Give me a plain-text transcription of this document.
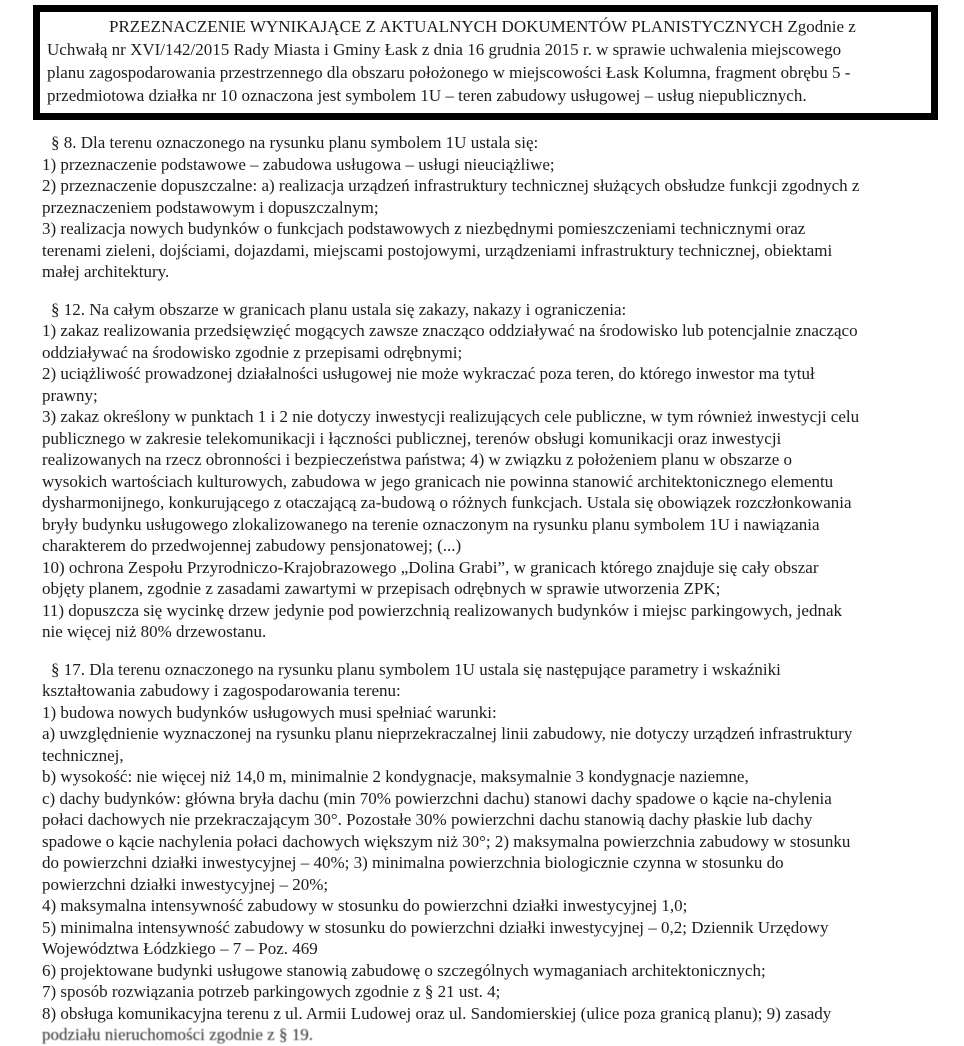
PRZEZNACZENIE WYNIKAJĄCE Z AKTUALNYCH DOKUMENTÓW PLANISTYCZNYCH Zgodnie z
Uchwałą nr XVI/142/2015 Rady Miasta i Gminy Łask z dnia 16 grudnia 2015 r. w sprawie uchwalenia miejscowego
planu zagospodarowania przestrzennego dla obszaru położonego w miejscowości Łask Kolumna, fragment obrębu 5 -
przedmiotowa działka nr 10 oznaczona jest symbolem 1U – teren zabudowy usługowej – usług niepublicznych.
§ 8. Dla terenu oznaczonego na rysunku planu symbolem 1U ustala się:
1) przeznaczenie podstawowe – zabudowa usługowa – usługi nieuciążliwe;
2) przeznaczenie dopuszczalne: a) realizacja urządzeń infrastruktury technicznej służących obsłudze funkcji zgodnych z
przeznaczeniem podstawowym i dopuszczalnym;
3) realizacja nowych budynków o funkcjach podstawowych z niezbędnymi pomieszczeniami technicznymi oraz
terenami zieleni, dojściami, dojazdami, miejscami postojowymi, urządzeniami infrastruktury technicznej, obiektami
małej architektury.
§ 12. Na całym obszarze w granicach planu ustala się zakazy, nakazy i ograniczenia:
1) zakaz realizowania przedsięwzięć mogących zawsze znacząco oddziaływać na środowisko lub potencjalnie znacząco
oddziaływać na środowisko zgodnie z przepisami odrębnymi;
2) uciążliwość prowadzonej działalności usługowej nie może wykraczać poza teren, do którego inwestor ma tytuł
prawny;
3) zakaz określony w punktach 1 i 2 nie dotyczy inwestycji realizujących cele publiczne, w tym również inwestycji celu
publicznego w zakresie telekomunikacji i łączności publicznej, terenów obsługi komunikacji oraz inwestycji
realizowanych na rzecz obronności i bezpieczeństwa państwa; 4) w związku z położeniem planu w obszarze o
wysokich wartościach kulturowych, zabudowa w jego granicach nie powinna stanowić architektonicznego elementu
dysharmonijnego, konkurującego z otaczającą za-budową o różnych funkcjach. Ustala się obowiązek rozczłonkowania
bryły budynku usługowego zlokalizowanego na terenie oznaczonym na rysunku planu symbolem 1U i nawiązania
charakterem do przedwojennej zabudowy pensjonatowej; (...)
10) ochrona Zespołu Przyrodniczo-Krajobrazowego „Dolina Grabi”, w granicach którego znajduje się cały obszar
objęty planem, zgodnie z zasadami zawartymi w przepisach odrębnych w sprawie utworzenia ZPK;
11) dopuszcza się wycinkę drzew jedynie pod powierzchnią realizowanych budynków i miejsc parkingowych, jednak
nie więcej niż 80% drzewostanu.
§ 17. Dla terenu oznaczonego na rysunku planu symbolem 1U ustala się następujące parametry i wskaźniki
kształtowania zabudowy i zagospodarowania terenu:
1) budowa nowych budynków usługowych musi spełniać warunki:
a) uwzględnienie wyznaczonej na rysunku planu nieprzekraczalnej linii zabudowy, nie dotyczy urządzeń infrastruktury
technicznej,
b) wysokość: nie więcej niż 14,0 m, minimalnie 2 kondygnacje, maksymalnie 3 kondygnacje naziemne,
c) dachy budynków: główna bryła dachu (min 70% powierzchni dachu) stanowi dachy spadowe o kącie na-chylenia
połaci dachowych nie przekraczającym 30°. Pozostałe 30% powierzchni dachu stanowią dachy płaskie lub dachy
spadowe o kącie nachylenia połaci dachowych większym niż 30°; 2) maksymalna powierzchnia zabudowy w stosunku
do powierzchni działki inwestycyjnej – 40%; 3) minimalna powierzchnia biologicznie czynna w stosunku do
powierzchni działki inwestycyjnej – 20%;
4) maksymalna intensywność zabudowy w stosunku do powierzchni działki inwestycyjnej 1,0;
5) minimalna intensywność zabudowy w stosunku do powierzchni działki inwestycyjnej – 0,2; Dziennik Urzędowy
Województwa Łódzkiego – 7 – Poz. 469
6) projektowane budynki usługowe stanowią zabudowę o szczególnych wymaganiach architektonicznych;
7) sposób rozwiązania potrzeb parkingowych zgodnie z § 21 ust. 4;
8) obsługa komunikacyjna terenu z ul. Armii Ludowej oraz ul. Sandomierskiej (ulice poza granicą planu); 9) zasady
podziału nieruchomości zgodnie z § 19.
